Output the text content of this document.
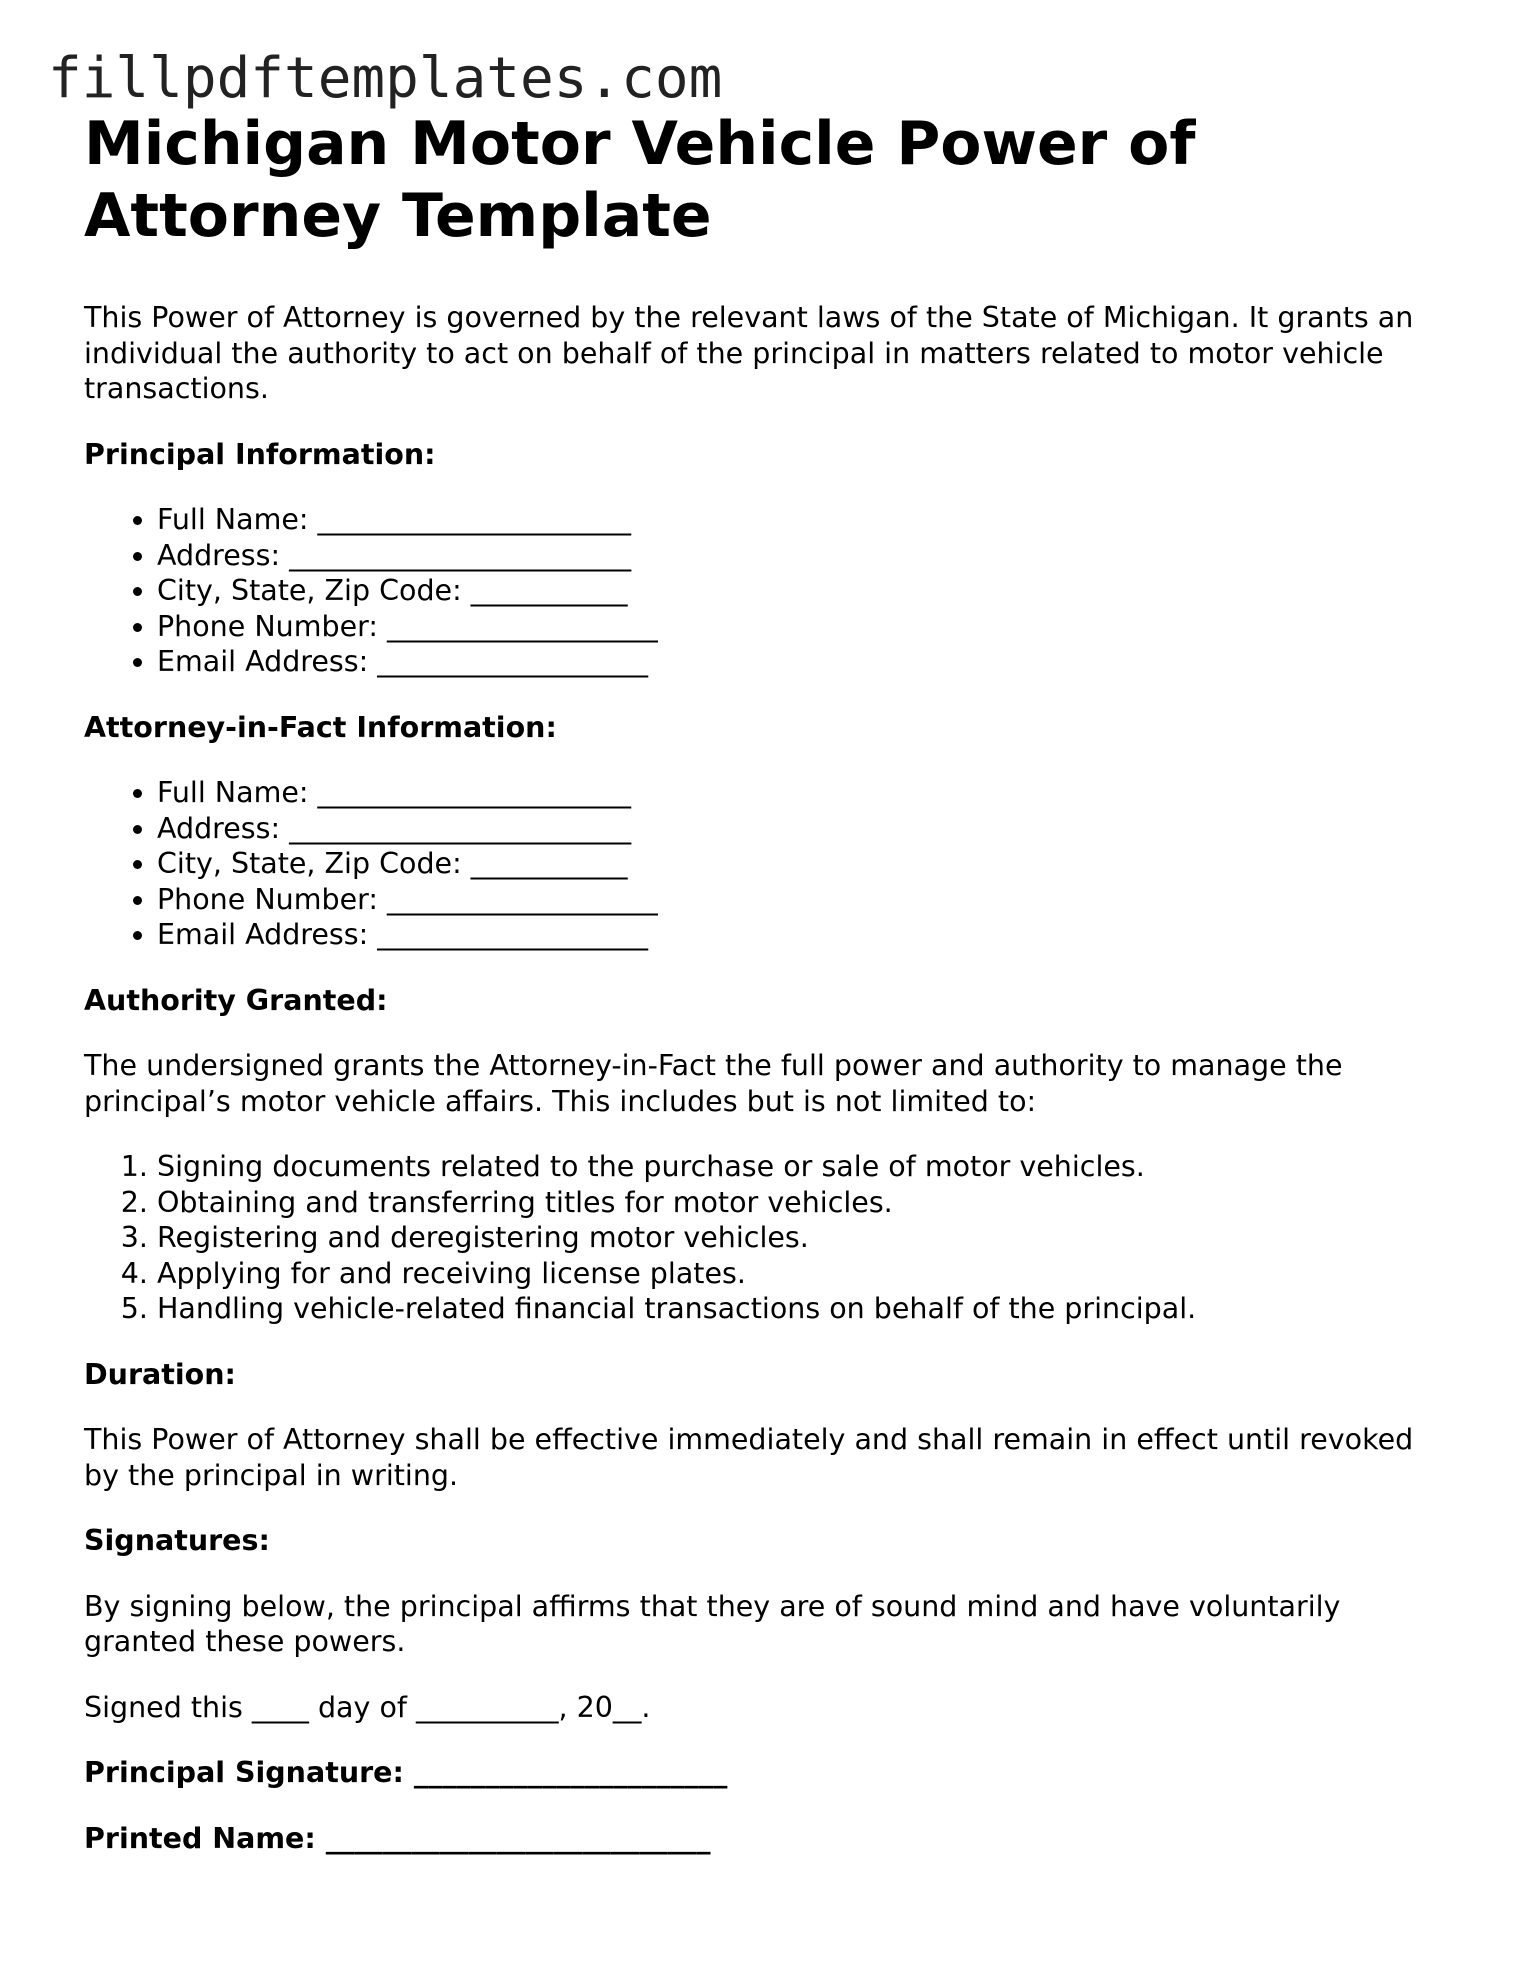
fillpdftemplates.com
Michigan Motor Vehicle Power of Attorney Template

This Power of Attorney is governed by the relevant laws of the State of Michigan. It grants an individual the authority to act on behalf of the principal in matters related to motor vehicle transactions.

Principal Information:
• Full Name: ______________________
• Address: ________________________
• City, State, Zip Code: ___________
• Phone Number: ___________________
• Email Address: ___________________
Attorney-in-Fact Information:
• Full Name: ______________________
• Address: ________________________
• City, State, Zip Code: ___________
• Phone Number: ___________________
• Email Address: ___________________
Authority Granted:

The undersigned grants the Attorney-in-Fact the full power and authority to manage the principal’s motor vehicle affairs. This includes but is not limited to:

1. Signing documents related to the purchase or sale of motor vehicles.
2. Obtaining and transferring titles for motor vehicles.
3. Registering and deregistering motor vehicles.
4. Applying for and receiving license plates.
5. Handling vehicle-related financial transactions on behalf of the principal.
Duration:

This Power of Attorney shall be effective immediately and shall remain in effect until revoked by the principal in writing.

Signatures:

By signing below, the principal affirms that they are of sound mind and have voluntarily granted these powers.

Signed this ____ day of __________, 20__.

Principal Signature: ______________________
Printed Name: ___________________________
